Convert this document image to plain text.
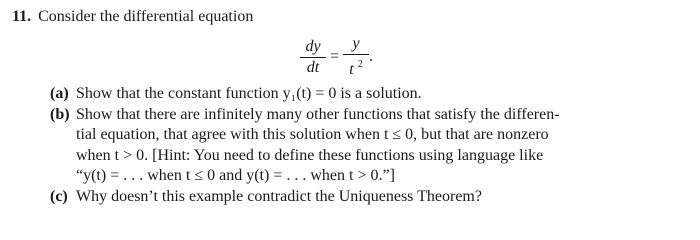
11. Consider the differential equation
$\frac{dy}{dt} = \frac{y}{t ^2}$ .
(a) Show that the constant function y₁(t) = 0 is a solution.
(b) Show that there are infinitely many other functions that satisfy the differen-
tial equation, that agree with this solution when t ≤ 0, but that are nonzero
when t > 0. [Hint: You need to define these functions using language like
“y(t) = . . . when t ≤ 0 and y(t) = . . . when t > 0.”]
(c) Why doesn’t this example contradict the Uniqueness Theorem?
